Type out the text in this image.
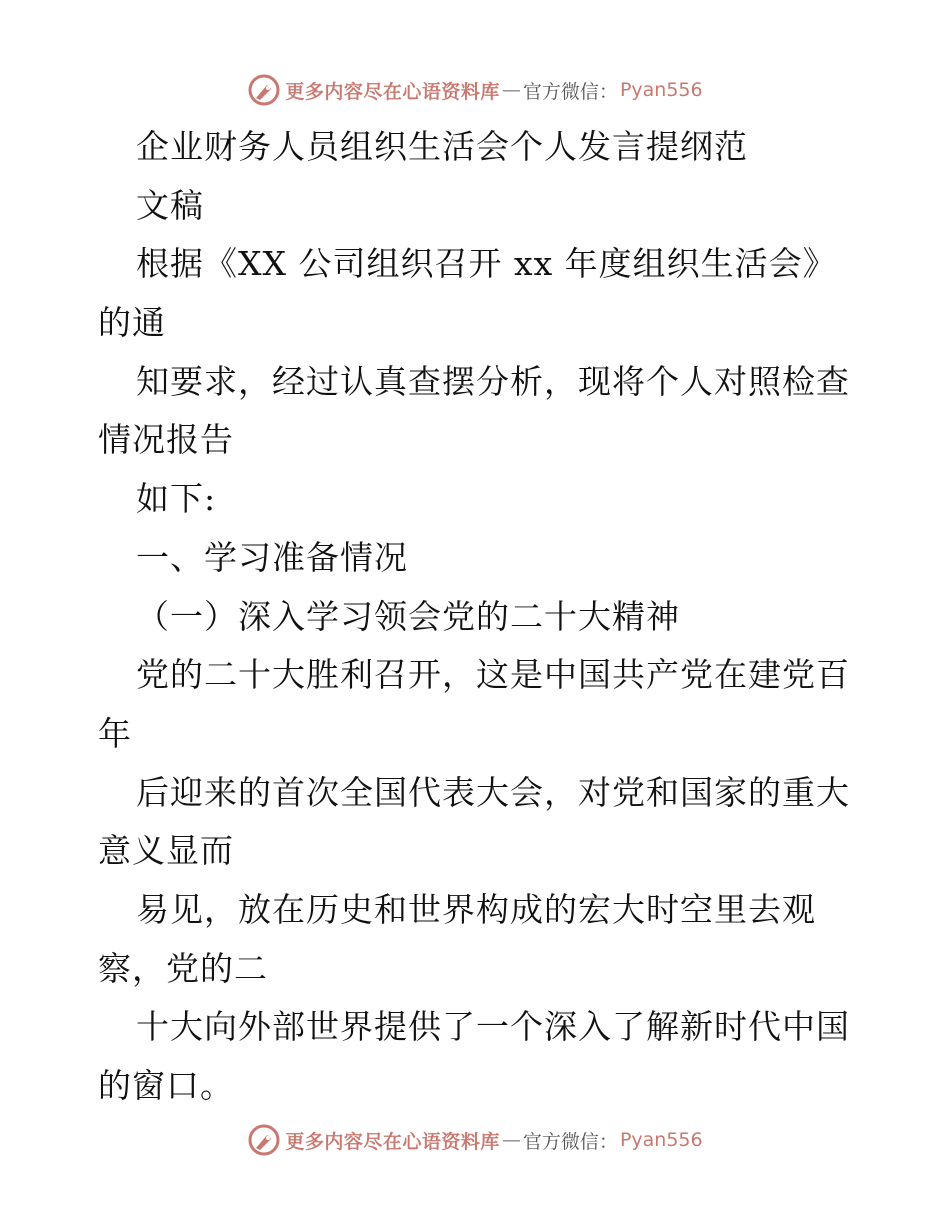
更多内容尽在心语资料库 — 官方微信： Pyan556
企业财务人员组织生活会个人发言提纲范
文稿
根据《XX 公司组织召开 xx 年度组织生活会》
的通
知要求，经过认真查摆分析，现将个人对照检查
情况报告
如下:
一、学习准备情况
（一）深入学习领会党的二十大精神
党的二十大胜利召开，这是中国共产党在建党百
年
后迎来的首次全国代表大会，对党和国家的重大
意义显而
易见，放在历史和世界构成的宏大时空里去观
察，党的二
十大向外部世界提供了一个深入了解新时代中国
的窗口。
更多内容尽在心语资料库 — 官方微信： Pyan556
